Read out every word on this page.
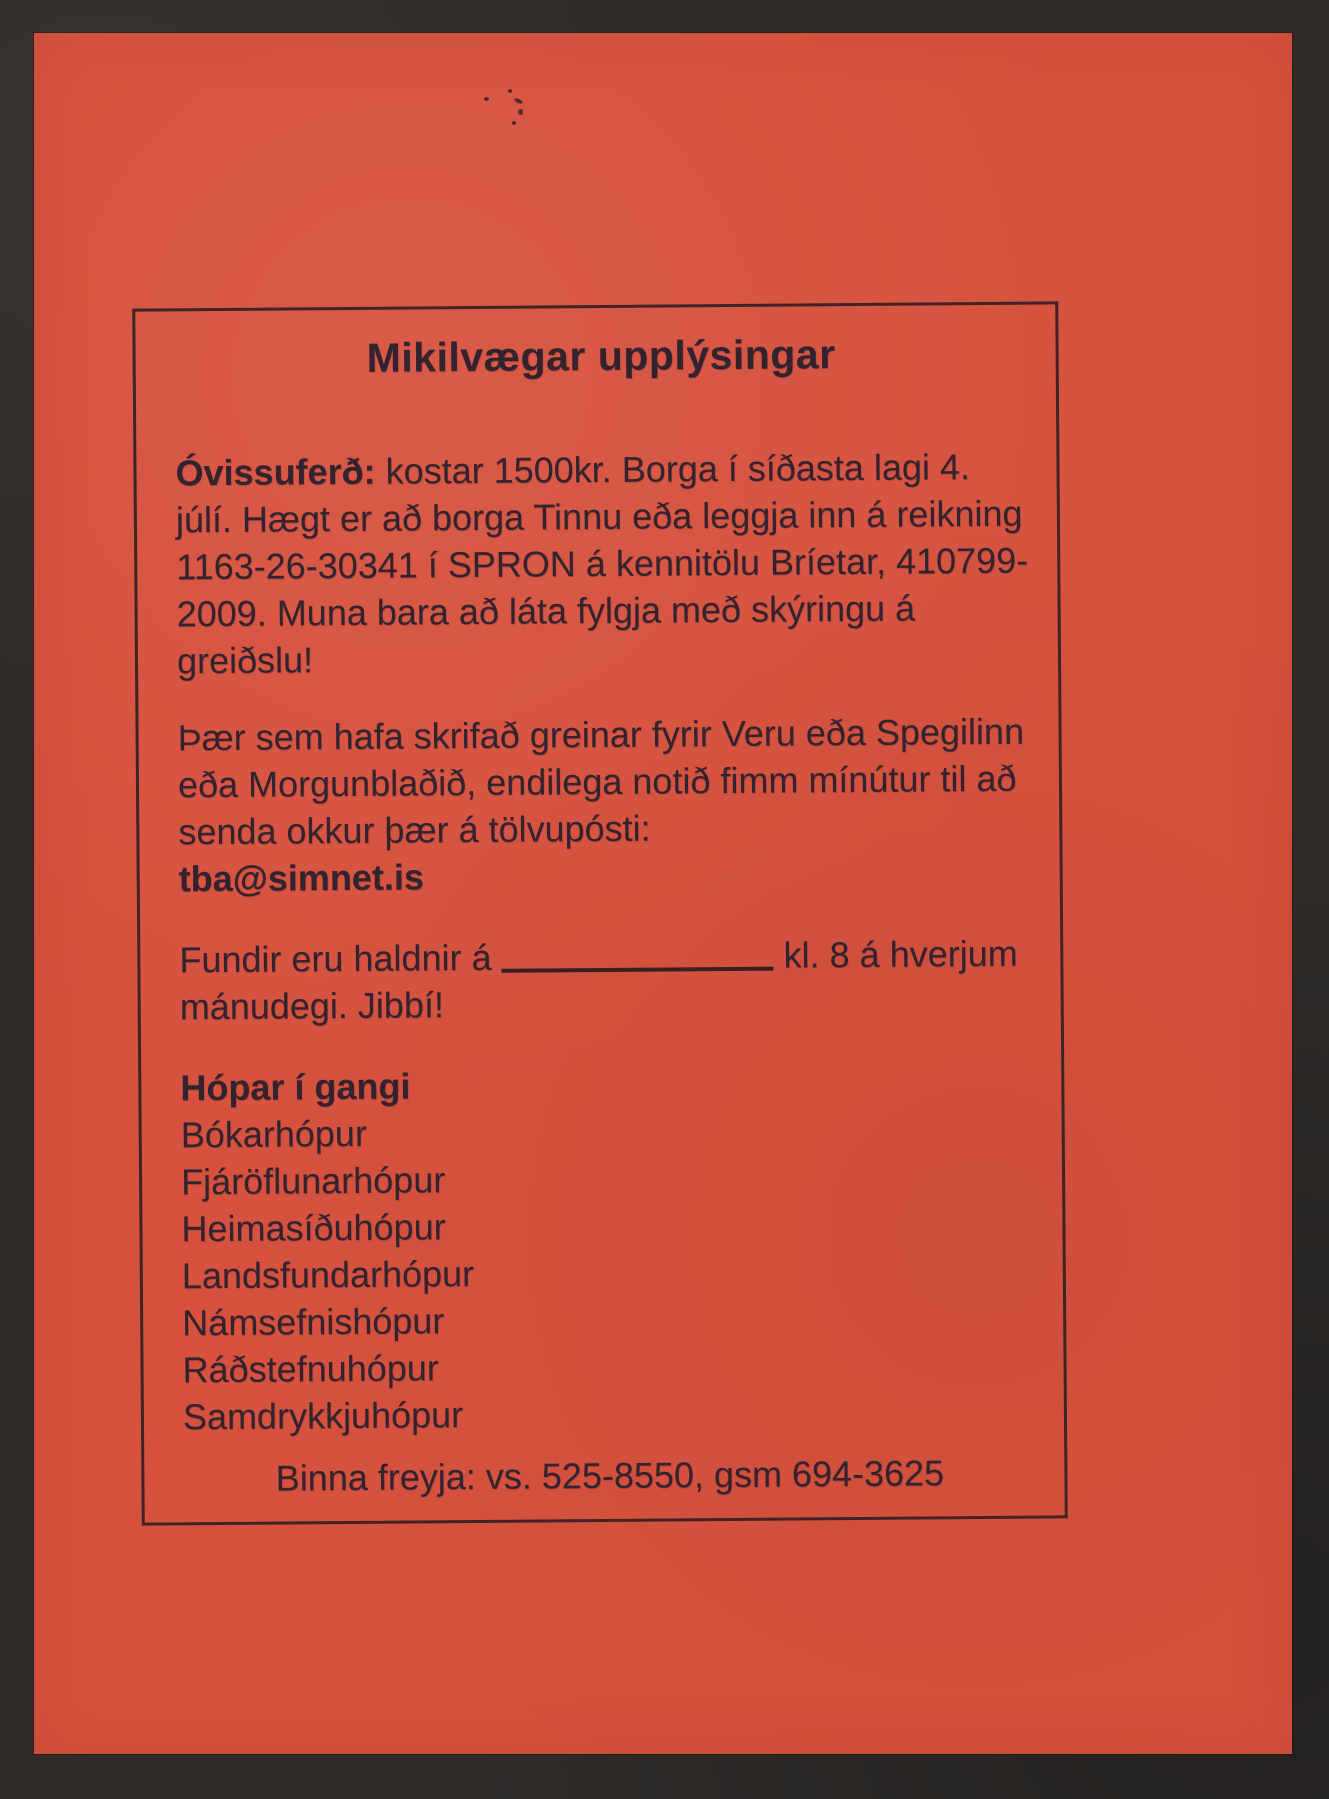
Mikilvægar upplýsingar

Óvissuferð: kostar 1500kr. Borga í síðasta lagi 4. júlí. Hægt er að borga Tinnu eða leggja inn á reikning 1163-26-30341 í SPRON á kennitölu Bríetar, 410799-2009. Muna bara að láta fylgja með skýringu á greiðslu!

Þær sem hafa skrifað greinar fyrir Veru eða Spegilinn eða Morgunblaðið, endilega notið fimm mínútur til að senda okkur þær á tölvupósti:
tba@simnet.is

Fundir eru haldnir á	kl. 8 á hverjum mánudegi. Jibbí!

Hópar í gangi
Bókarhópur
Fjáröflunarhópur
Heimasíðuhópur
Landsfundarhópur
Námsefnishópur
Ráðstefnuhópur
Samdrykkjuhópur

Binna freyja: vs. 525-8550, gsm 694-3625
